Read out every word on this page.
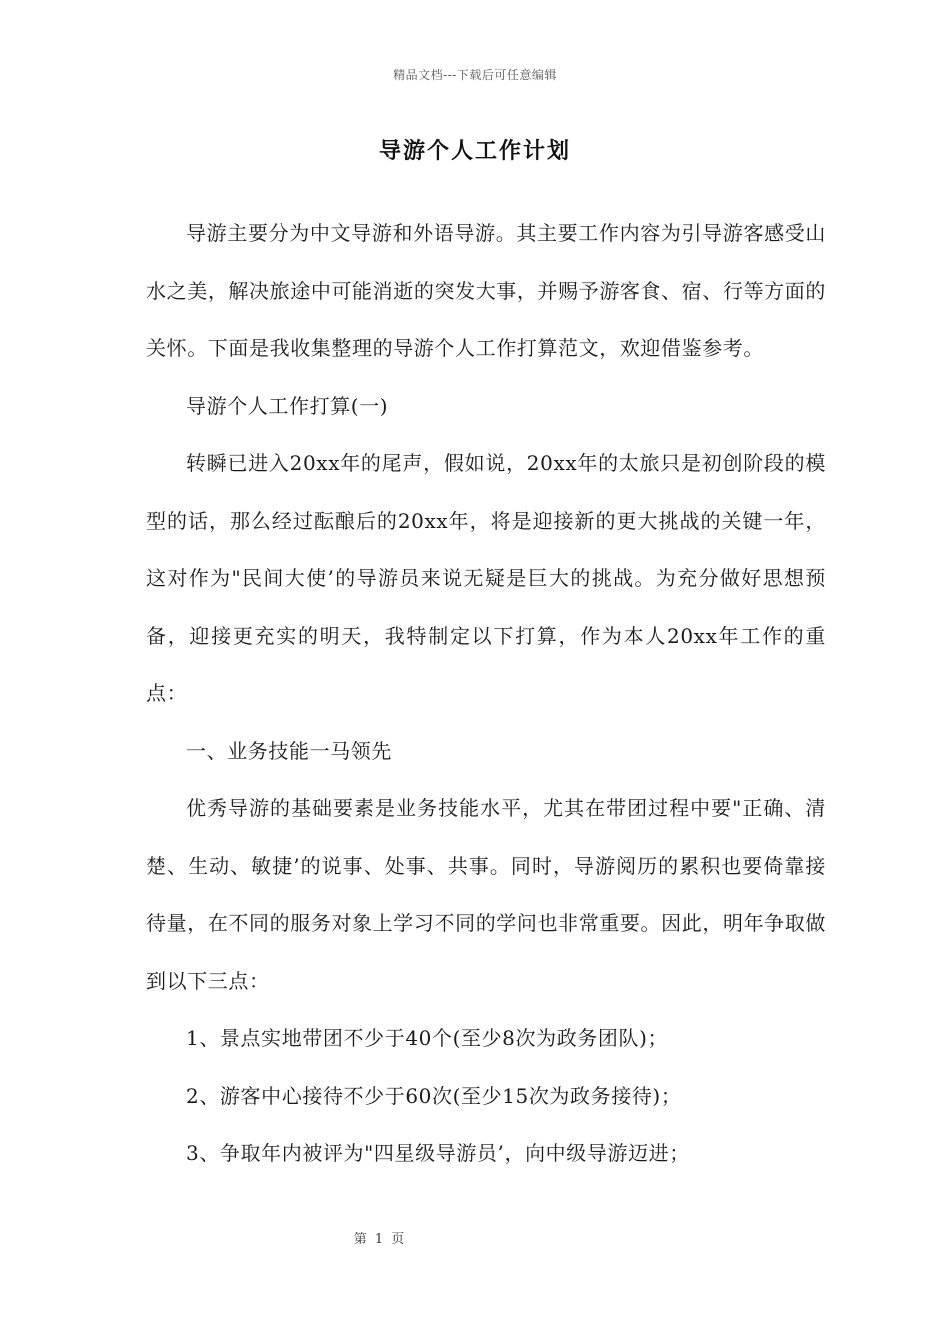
精品文档---下载后可任意编辑
导游个人工作计划

导游主要分为中文导游和外语导游。其主要工作内容为引导游客感受山水之美，解决旅途中可能消逝的突发大事，并赐予游客食、宿、行等方面的关怀。下面是我收集整理的导游个人工作打算范文，欢迎借鉴参考。

导游个人工作打算(一)

转瞬已进入20xx年的尾声，假如说，20xx年的太旅只是初创阶段的模型的话，那么经过酝酿后的20xx年，将是迎接新的更大挑战的关键一年，这对作为"民间大使’的导游员来说无疑是巨大的挑战。为充分做好思想预备，迎接更充实的明天，我特制定以下打算，作为本人20xx年工作的重点：

一、业务技能一马领先

优秀导游的基础要素是业务技能水平，尤其在带团过程中要"正确、清楚、生动、敏捷’的说事、处事、共事。同时，导游阅历的累积也要倚靠接待量，在不同的服务对象上学习不同的学问也非常重要。因此，明年争取做到以下三点：

1、景点实地带团不少于40个(至少8次为政务团队)；

2、游客中心接待不少于60次(至少15次为政务接待)；

3、争取年内被评为"四星级导游员’，向中级导游迈进；

第 1 页
